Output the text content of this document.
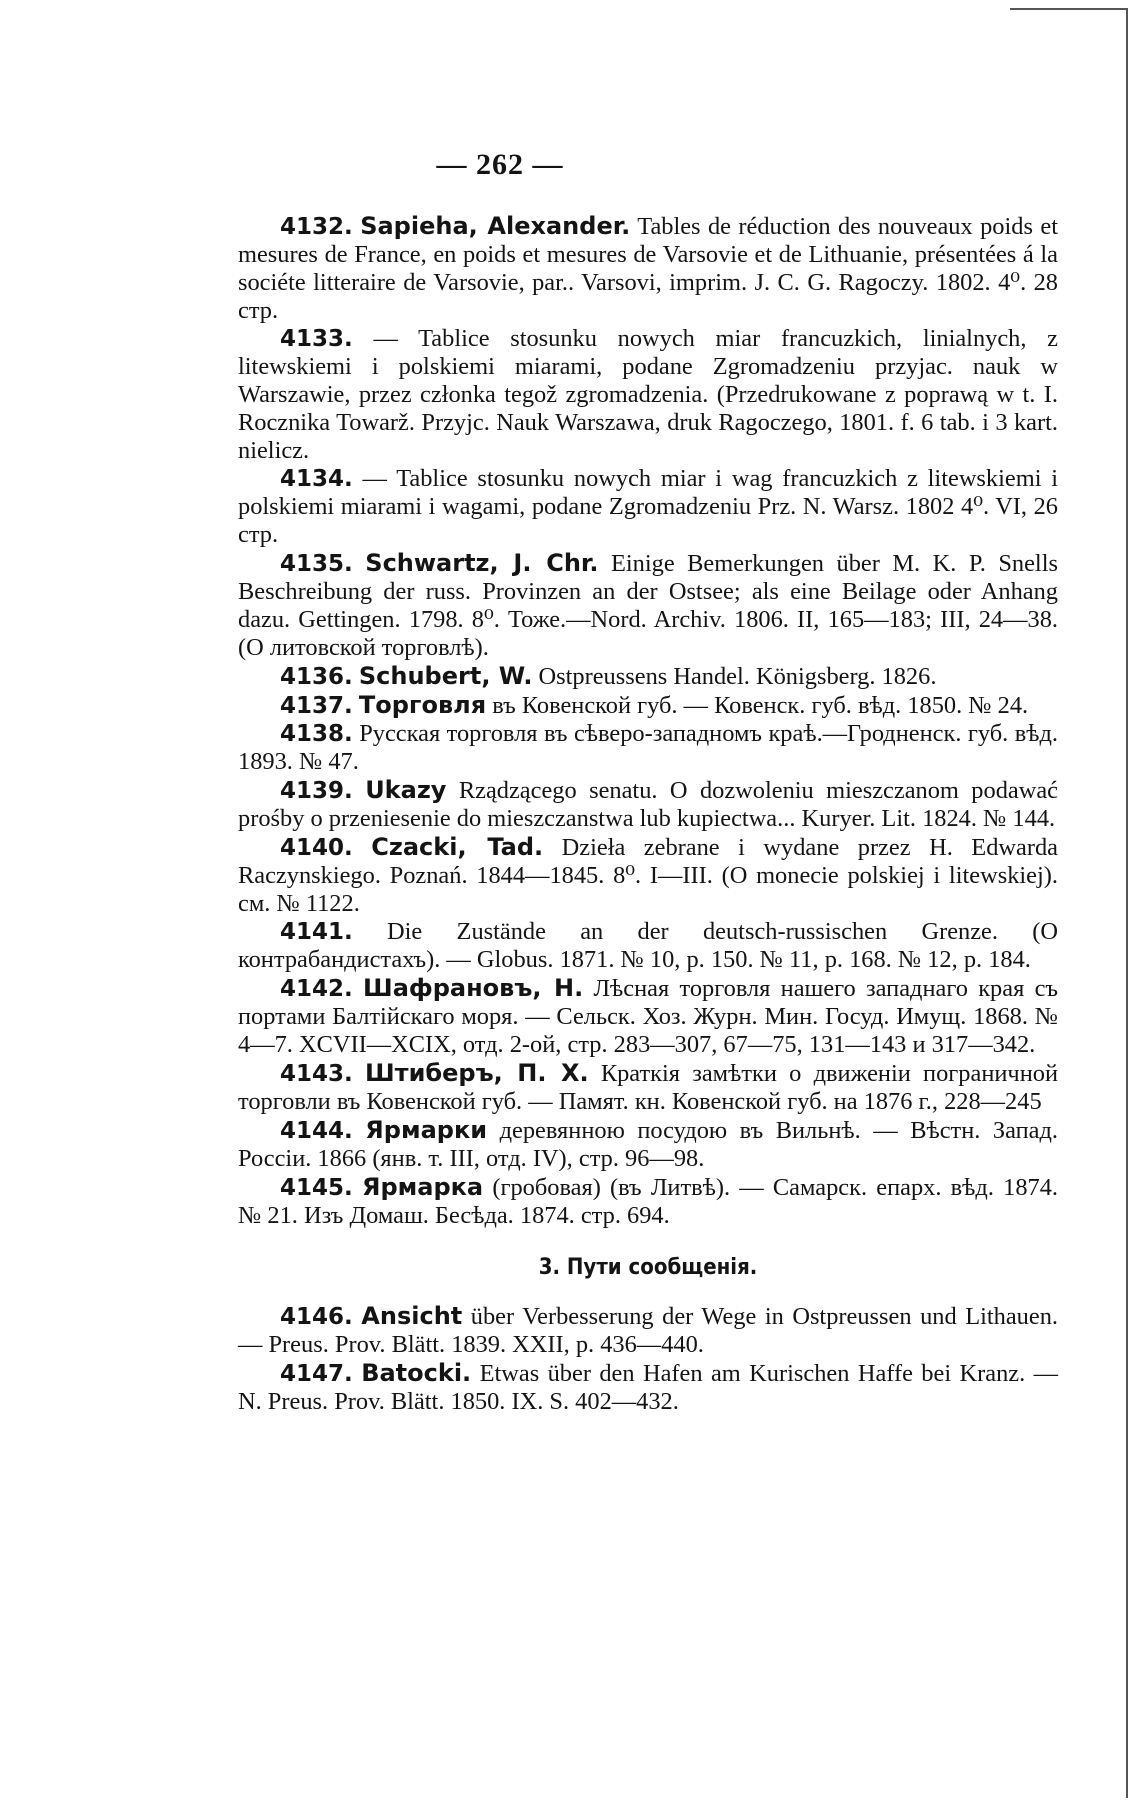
— 262 —

4132. Sapieha, Alexander. Tables de réduction des nouveaux poids et mesures de France, en poids et mesures de Varsovie et de Lithuanie, présentées á la sociéte litteraire de Varsovie, par.. Varsovi, imprim. J. C. G. Ragoczy. 1802. 4⁰. 28 стр.

4133. — Tablice stosunku nowych miar francuzkich, linialnych, z litewskiemi i polskiemi miarami, podane Zgromadzeniu przyjac. nauk w Warszawie, przez członka tegož zgromadzenia. (Przedrukowane z poprawą w t. I. Rocznika Towarž. Przyjc. Nauk Warszawa, druk Ragoczego, 1801. f. 6 tab. i 3 kart. nielicz.

4134. — Tablice stosunku nowych miar i wag francuzkich z litewskiemi i polskiemi miarami i wagami, podane Zgromadzeniu Prz. N. Warsz. 1802 4⁰. VI, 26 стр.

4135. Schwartz, J. Chr. Einige Bemerkungen über M. K. P. Snells Beschreibung der russ. Provinzen an der Ostsee; als eine Beilage oder Anhang dazu. Gettingen. 1798. 8⁰. Тоже.—Nord. Archiv. 1806. II, 165—183; III, 24—38. (О литовской торговлѣ).

4136. Schubert, W. Ostpreussens Handel. Königsberg. 1826.

4137. Торговля въ Ковенской губ. — Ковенск. губ. вѣд. 1850. № 24.

4138. Русская торговля въ сѣверо-западномъ краѣ.—Гродненск. губ. вѣд. 1893. № 47.

4139. Ukazy Rządzącego senatu. O dozwoleniu mieszczanom podawać prośby o przeniesenie do mieszczanstwa lub kupiectwa... Kuryer. Lit. 1824. № 144.

4140. Czacki, Tad. Dzieła zebrane i wydane przez H. Edwarda Raczynskiego. Poznań. 1844—1845. 8⁰. I—III. (O monecie polskiej i litewskiej). см. № 1122.

4141. Die Zustände an der deutsch-russischen Grenze. (О контрабандистахъ). — Globus. 1871. № 10, p. 150. № 11, p. 168. № 12, p. 184.

4142. Шафрановъ, Н. Лѣсная торговля нашего западнаго края съ портами Балтійскаго моря. — Сельск. Хоз. Журн. Мин. Госуд. Имущ. 1868. № 4—7. XCVII—XCIX, отд. 2-ой, стр. 283—307, 67—75, 131—143 и 317—342.

4143. Штиберъ, П. Х. Краткія замѣтки о движеніи пограничной торговли въ Ковенской губ. — Памят. кн. Ковенской губ. на 1876 г., 228—245

4144. Ярмарки деревянною посудою въ Вильнѣ. — Вѣстн. Запад. Россіи. 1866 (янв. т. III, отд. IV), стр. 96—98.

4145. Ярмарка (гробовая) (въ Литвѣ). — Самарск. епарх. вѣд. 1874. № 21. Изъ Домаш. Бесѣда. 1874. стр. 694.

3. Пути сообщенія.

4146. Ansicht über Verbesserung der Wege in Ostpreussen und Lithauen. — Preus. Prov. Blätt. 1839. XXII, p. 436—440.

4147. Batocki. Etwas über den Hafen am Kurischen Haffe bei Kranz. — N. Preus. Prov. Blätt. 1850. IX. S. 402—432.
